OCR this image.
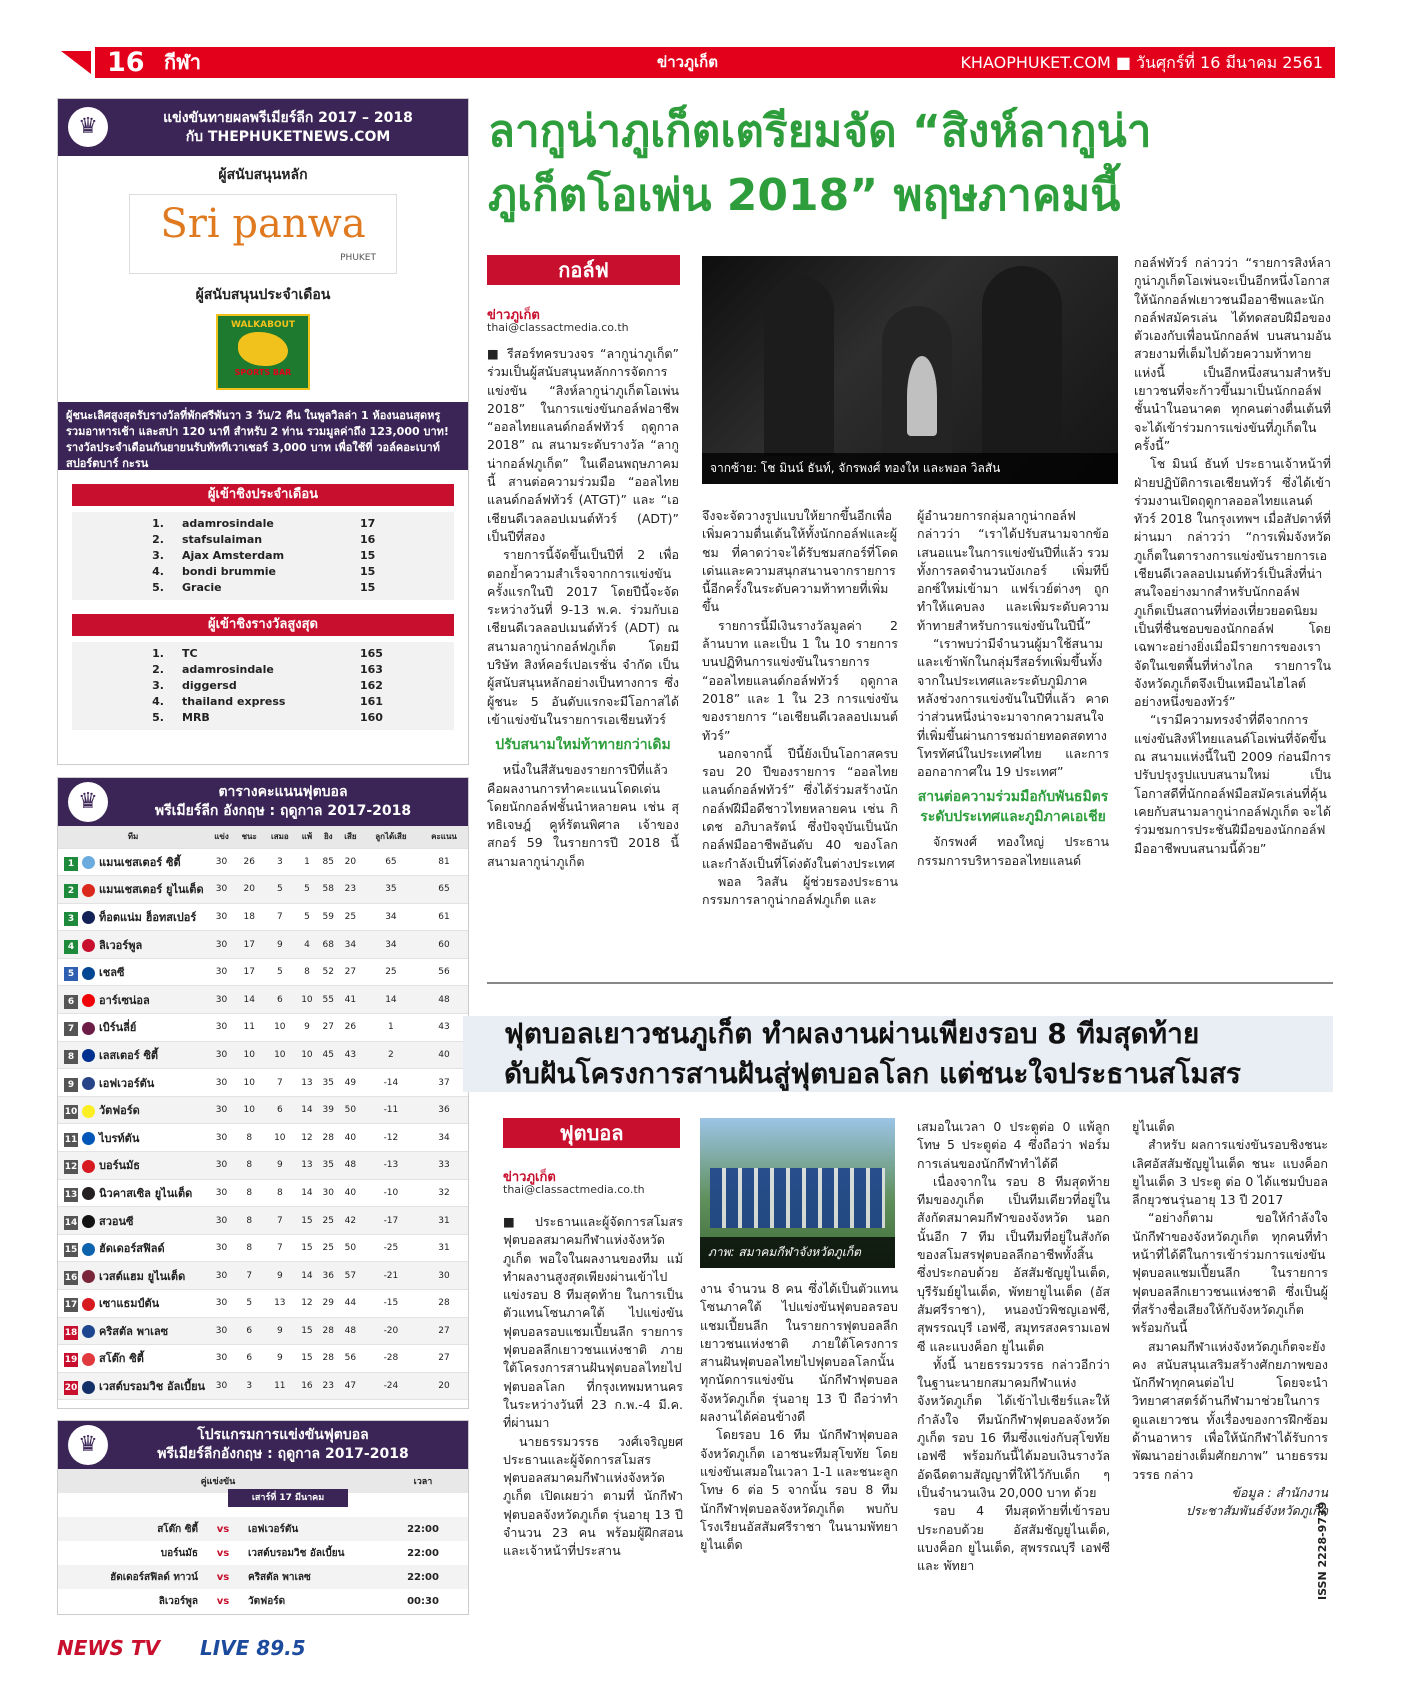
16 กีฬา	ข่าวภูเก็ต	KHAOPHUKET.COM ■ วันศุกร์ที่ 16 มีนาคม 2561
♛	แข่งขันทายผลพรีเมียร์ลีก 2017 – 2018
กับ THEPHUKETNEWS.COM
ผู้สนับสนุนหลัก
Sri panwa
PHUKET
ผู้สนับสนุนประจำเดือน
WALKABOUT
SPORTS BAR
ผู้ชนะเลิศสูงสุดรับรางวัลที่พักศรีพันวา 3 วัน/2 คืน ในพูลวิลล่า 1 ห้องนอนสุดหรู รวมอาหารเช้า และสปา 120 นาที สำหรับ 2 ท่าน รวมมูลค่าถึง 123,000 บาท! รางวัลประจำเดือนกันยายนรับทัททีเวาเชอร์ 3,000 บาท เพื่อใช้ที่ วอล์คอะเบาท์ สปอร์ตบาร์ กะรน
ผู้เข้าชิงประจำเดือน
1.	adamrosindale	17
2.	stafsulaiman	16
3.	Ajax Amsterdam	15
4.	bondi brummie	15
5.	Gracie	15
ผู้เข้าชิงรางวัลสูงสุด
1.	TC	165
2.	adamrosindale	163
3.	diggersd	162
4.	thailand express	161
5.	MRB	160
♛	ตารางคะแนนฟุตบอล
พรีเมียร์ลีก อังกฤษ : ฤดูกาล 2017-2018
ทีม	แข่ง	ชนะ	เสมอ	แพ้	ยิง	เสีย	ลูกได้เสีย	คะแนน
1 แมนเชสเตอร์ ซิตี้	30	26	3	1	85	20	65	81
2 แมนเชสเตอร์ ยูไนเต็ด	30	20	5	5	58	23	35	65
3 ท็อตแน่ม ฮ็อทสเปอร์	30	18	7	5	59	25	34	61
4 ลิเวอร์พูล	30	17	9	4	68	34	34	60
5 เชลซี	30	17	5	8	52	27	25	56
6 อาร์เซน่อล	30	14	6	10	55	41	14	48
7 เบิร์นลี่ย์	30	11	10	9	27	26	1	43
8 เลสเตอร์ ซิตี้	30	10	10	10	45	43	2	40
9 เอฟเวอร์ตัน	30	10	7	13	35	49	-14	37
10 วัตฟอร์ด	30	10	6	14	39	50	-11	36
11 ไบรท์ตัน	30	8	10	12	28	40	-12	34
12 บอร์นมัธ	30	8	9	13	35	48	-13	33
13 นิวคาสเซิล ยูไนเต็ด	30	8	8	14	30	40	-10	32
14 สวอนซี	30	8	7	15	25	42	-17	31
15 ฮัดเดอร์สฟิลด์	30	8	7	15	25	50	-25	31
16 เวสต์แฮม ยูไนเต็ด	30	7	9	14	36	57	-21	30
17 เซาแธมป์ตัน	30	5	13	12	29	44	-15	28
18 คริสตัล พาเลซ	30	6	9	15	28	48	-20	27
19 สโต๊ก ซิตี้	30	6	9	15	28	56	-28	27
20 เวสต์บรอมวิช อัลเบี้ยน	30	3	11	16	23	47	-24	20
♛	โปรแกรมการแข่งขันฟุตบอล
พรีเมียร์ลีกอังกฤษ : ฤดูกาล 2017-2018
คู่แข่งขัน			เวลา

สโต๊ก ซิตี้	vs	เอฟเวอร์ตัน	22:00
บอร์นมัธ	vs	เวสต์บรอมวิช อัลเบี้ยน	22:00
ฮัดเดอร์สฟิลด์ ทาวน์	vs	คริสตัล พาเลซ	22:00
ลิเวอร์พูล	vs	วัตฟอร์ด	00:30
เสาร์ที่ 17 มีนาคม
NEWS TV LIVE 89.5
ลากูน่าภูเก็ตเตรียมจัด “สิงห์ลากูน่า
ภูเก็ตโอเพ่น 2018” พฤษภาคมนี้
กอล์ฟ
ข่าวภูเก็ต
thai@classactmedia.co.th

■ รีสอร์ทครบวงจร “ลากูน่าภูเก็ต” ร่วมเป็นผู้สนับสนุนหลักการจัดการแข่งขัน “สิงห์ลากูน่าภูเก็ตโอเพ่น 2018” ในการแข่งขันกอล์ฟอาชีพ “ออลไทยแลนด์กอล์ฟทัวร์ ฤดูกาล 2018” ณ สนามระดับรางวัล “ลากูน่ากอล์ฟภูเก็ต” ในเดือนพฤษภาคมนี้ สานต่อความร่วมมือ “ออลไทยแลนด์กอล์ฟทัวร์ (ATGT)” และ “เอเชียนดีเวลลอปเมนต์ทัวร์ (ADT)” เป็นปีที่สอง

รายการนี้จัดขึ้นเป็นปีที่ 2 เพื่อตอกย้ำความสำเร็จจากการแข่งขันครั้งแรกในปี 2017 โดยปีนี้จะจัดระหว่างวันที่ 9-13 พ.ค. ร่วมกับเอเชียนดีเวลลอปเมนต์ทัวร์ (ADT) ณ สนามลากูน่ากอล์ฟภูเก็ต โดยมีบริษัท สิงห์คอร์เปอเรชั่น จำกัด เป็นผู้สนับสนุนหลักอย่างเป็นทางการ ซึ่งผู้ชนะ 5 อันดับแรกจะมีโอกาสได้เข้าแข่งขันในรายการเอเชียนทัวร์

ปรับสนามใหม่ท้าทายกว่าเดิม

หนึ่งในสีสันของรายการปีที่แล้วคือผลงานการทำคะแนนโดดเด่นโดยนักกอล์ฟชั้นนำหลายคน เช่น สุทธิเจษฎ์ คูห์รัตนพิศาล เจ้าของสกอร์ 59 ในรายการปี 2018 นี้ สนามลากูน่าภูเก็ต

จากซ้าย: โช มินน์ ธันท์, จักรพงศ์ ทองให และพอล วิลสัน

จึงจะจัดวางรูปแบบให้ยากขึ้นอีกเพื่อเพิ่มความตื่นเต้นให้ทั้งนักกอล์ฟและผู้ชม ที่คาดว่าจะได้รับชมสกอร์ที่โดดเด่นและความสนุกสนานจากรายการนี้อีกครั้งในระดับความท้าทายที่เพิ่มขึ้น

รายการนี้มีเงินรางวัลมูลค่า 2 ล้านบาท และเป็น 1 ใน 10 รายการบนปฏิทินการแข่งขันในรายการ “ออลไทยแลนด์กอล์ฟทัวร์ ฤดูกาล 2018” และ 1 ใน 23 การแข่งขันของรายการ “เอเชียนดีเวลลอปเมนต์ทัวร์”

นอกจากนี้ ปีนี้ยังเป็นโอกาสครบรอบ 20 ปีของรายการ “ออลไทยแลนด์กอล์ฟทัวร์” ซึ่งได้ร่วมสร้างนักกอล์ฟฝีมือดีชาวไทยหลายคน เช่น กิเดช อภิบาลรัตน์ ซึ่งปัจจุบันเป็นนักกอล์ฟมืออาชีพอันดับ 40 ของโลก และกำลังเป็นที่โด่งดังในต่างประเทศ

พอล วิลสัน ผู้ช่วยรองประธานกรรมการลากูน่ากอล์ฟภูเก็ต และ

ผู้อำนวยการกลุ่มลากูน่ากอล์ฟ กล่าวว่า “เราได้ปรับสนามจากข้อเสนอแนะในการแข่งขันปีที่แล้ว รวมทั้งการลดจำนวนบังเกอร์ เพิ่มทีบ็อกซ์ใหม่เข้ามา แฟร์เวย์ต่างๆ ถูกทำให้แคบลง และเพิ่มระดับความท้าทายสำหรับการแข่งขันในปีนี้”

“เราพบว่ามีจำนวนผู้มาใช้สนามและเข้าพักในกลุ่มรีสอร์ทเพิ่มขึ้นทั้งจากในประเทศและระดับภูมิภาค หลังช่วงการแข่งขันในปีที่แล้ว คาดว่าส่วนหนึ่งน่าจะมาจากความสนใจที่เพิ่มขึ้นผ่านการชมถ่ายทอดสดทางโทรทัศน์ในประเทศไทย และการออกอากาศใน 19 ประเทศ”

สานต่อความร่วมมือกับพันธมิตรระดับประเทศและภูมิภาคเอเชีย

จักรพงศ์ ทองใหญ่ ประธานกรรมการบริหารออลไทยแลนด์

กอล์ฟทัวร์ กล่าวว่า “รายการสิงห์ลากูน่าภูเก็ตโอเพ่นจะเป็นอีกหนึ่งโอกาสให้นักกอล์ฟเยาวชนมืออาชีพและนักกอล์ฟสมัครเล่น ได้ทดสอบฝีมือของตัวเองกับเพื่อนนักกอล์ฟ บนสนามอันสวยงามที่เต็มไปด้วยความท้าทายแห่งนี้ เป็นอีกหนึ่งสนามสำหรับเยาวชนที่จะก้าวขึ้นมาเป็นนักกอล์ฟชั้นนำในอนาคต ทุกคนต่างตื่นเต้นที่จะได้เข้าร่วมการแข่งขันที่ภูเก็ตในครั้งนี้”

โช มินน์ ธันท์ ประธานเจ้าหน้าที่ฝ่ายปฏิบัติการเอเชียนทัวร์ ซึ่งได้เข้าร่วมงานเปิดฤดูกาลออลไทยแลนด์ทัวร์ 2018 ในกรุงเทพฯ เมื่อสัปดาห์ที่ผ่านมา กล่าวว่า “การเพิ่มจังหวัดภูเก็ตในตารางการแข่งขันรายการเอเชียนดีเวลลอปเมนต์ทัวร์เป็นสิ่งที่น่าสนใจอย่างมากสำหรับนักกอล์ฟ ภูเก็ตเป็นสถานที่ท่องเที่ยวยอดนิยม เป็นที่ชื่นชอบของนักกอล์ฟ โดยเฉพาะอย่างยิ่งเมื่อมีรายการของเราจัดในเขตพื้นที่ห่างไกล รายการในจังหวัดภูเก็ตจึงเป็นเหมือนไฮไลต์อย่างหนึ่งของทัวร์”

“เรามีความทรงจำที่ดีจากการแข่งขันสิงห์ไทยแลนด์โอเพ่นที่จัดขึ้น ณ สนามแห่งนี้ในปี 2009 ก่อนมีการปรับปรุงรูปแบบสนามใหม่ เป็นโอกาสดีที่นักกอล์ฟมือสมัครเล่นที่คุ้นเคยกับสนามลากูน่ากอล์ฟภูเก็ต จะได้ร่วมชมการประชันฝีมือของนักกอล์ฟมืออาชีพบนสนามนี้ด้วย”

ฟุตบอลเยาวชนภูเก็ต ทำผลงานผ่านเพียงรอบ 8 ทีมสุดท้าย
ดับฝันโครงการสานฝันสู่ฟุตบอลโลก แต่ชนะใจประธานสโมสร
ฟุตบอล
ข่าวภูเก็ต
thai@classactmedia.co.th

■ ประธานและผู้จัดการสโมสรฟุตบอลสมาคมกีฬาแห่งจังหวัดภูเก็ต พอใจในผลงานของทีม แม้ทำผลงานสูงสุดเพียงผ่านเข้าไปแข่งรอบ 8 ทีมสุดท้าย ในการเป็นตัวแทนโซนภาคใต้ ไปแข่งขันฟุตบอลรอบแชมเปี้ยนลีก รายการฟุตบอลลีกเยาวชนแห่งชาติ ภายใต้โครงการสานฝันฟุตบอลไทยไปฟุตบอลโลก ที่กรุงเทพมหานคร ในระหว่างวันที่ 23 ก.พ.-4 มี.ค. ที่ผ่านมา

นายธรรมวรรธ วงศ์เจริญยศ ประธานและผู้จัดการสโมสรฟุตบอลสมาคมกีฬาแห่งจังหวัดภูเก็ต เปิดเผยว่า ตามที่ นักกีฬาฟุตบอลจังหวัดภูเก็ต รุ่นอายุ 13 ปี จำนวน 23 คน พร้อมผู้ฝึกสอนและเจ้าหน้าที่ประสาน

ภาพ: สมาคมกีฬาจังหวัดภูเก็ต

งาน จำนวน 8 คน ซึ่งได้เป็นตัวแทนโซนภาคใต้ ไปแข่งขันฟุตบอลรอบแชมเปี้ยนลีก ในรายการฟุตบอลลีกเยาวชนแห่งชาติ ภายใต้โครงการสานฝันฟุตบอลไทยไปฟุตบอลโลกนั้น ทุกนัดการแข่งขัน นักกีฬาฟุตบอลจังหวัดภูเก็ต รุ่นอายุ 13 ปี ถือว่าทำผลงานได้ค่อนข้างดี

โดยรอบ 16 ทีม นักกีฬาฟุตบอลจังหวัดภูเก็ต เอาชนะทีมสุโขทัย โดยแข่งขันเสมอในเวลา 1-1 และชนะลูกโทษ 6 ต่อ 5 จากนั้น รอบ 8 ทีม นักกีฬาฟุตบอลจังหวัดภูเก็ต พบกับโรงเรียนอัสสัมศรีราชา ในนามพัทยายูไนเต็ด

เสมอในเวลา 0 ประตูต่อ 0 แพ้ลูกโทษ 5 ประตูต่อ 4 ซึ่งถือว่า ฟอร์มการเล่นของนักกีฬาทำได้ดี

เนื่องจากใน รอบ 8 ทีมสุดท้าย ทีมของภูเก็ต เป็นทีมเดียวที่อยู่ในสังกัดสมาคมกีฬาของจังหวัด นอกนั้นอีก 7 ทีม เป็นทีมที่อยู่ในสังกัดของสโมสรฟุตบอลลีกอาชีพทั้งสิ้น ซึ่งประกอบด้วย อัสสัมชัญยูไนเต็ด, บุรีรัมย์ยูไนเต็ด, พัทยายูไนเต็ด (อัสสัมศรีราชา), หนองบัวพิชญเอฟซี, สุพรรณบุรี เอฟซี, สมุทรสงครามเอฟซี และแบงค็อก ยูไนเต็ด

ทั้งนี้ นายธรรมวรรธ กล่าวอีกว่า ในฐานะนายกสมาคมกีฬาแห่งจังหวัดภูเก็ต ได้เข้าไปเชียร์และให้กำลังใจ ทีมนักกีฬาฟุตบอลจังหวัดภูเก็ต รอบ 16 ทีมซึ่งแข่งกับสุโขทัยเอฟซี พร้อมกันนี้ได้มอบเงินรางวัลอัดฉีดตามสัญญาที่ให้ไว้กับเด็ก ๆ เป็นจำนวนเงิน 20,000 บาท ด้วย

รอบ 4 ทีมสุดท้ายที่เข้ารอบ ประกอบด้วย อัสสัมชัญยูไนเต็ด, แบงค็อก ยูไนเต็ด, สุพรรณบุรี เอฟซี และ พัทยา

ยูไนเต็ด

สำหรับ ผลการแข่งขันรอบชิงชนะเลิศอัสสัมชัญยูไนเต็ด ชนะ แบงค็อก ยูไนเต็ด 3 ประตู ต่อ 0 ได้แชมป์บอลลีกยุวชนรุ่นอายุ 13 ปี 2017

“อย่างก็ตาม ขอให้กำลังใจนักกีฬาของจังหวัดภูเก็ต ทุกคนที่ทำหน้าที่ได้ดีในการเข้าร่วมการแข่งขันฟุตบอลแชมเปี้ยนลีก ในรายการฟุตบอลลีกเยาวชนแห่งชาติ ซึ่งเป็นผู้ที่สร้างชื่อเสียงให้กับจังหวัดภูเก็ตพร้อมกันนี้

สมาคมกีฬาแห่งจังหวัดภูเก็ตจะยังคง สนับสนุนเสริมสร้างศักยภาพของนักกีฬาทุกคนต่อไป โดยจะนำวิทยาศาสตร์ด้านกีฬามาช่วยในการดูแลเยาวชน ทั้งเรื่องของการฝึกซ้อม ด้านอาหาร เพื่อให้นักกีฬาได้รับการพัฒนาอย่างเต็มศักยภาพ” นายธรรมวรรธ กล่าว

ข้อมูล : สำนักงาน

ประชาสัมพันธ์จังหวัดภูเก็ต

ISSN 2228-9739
